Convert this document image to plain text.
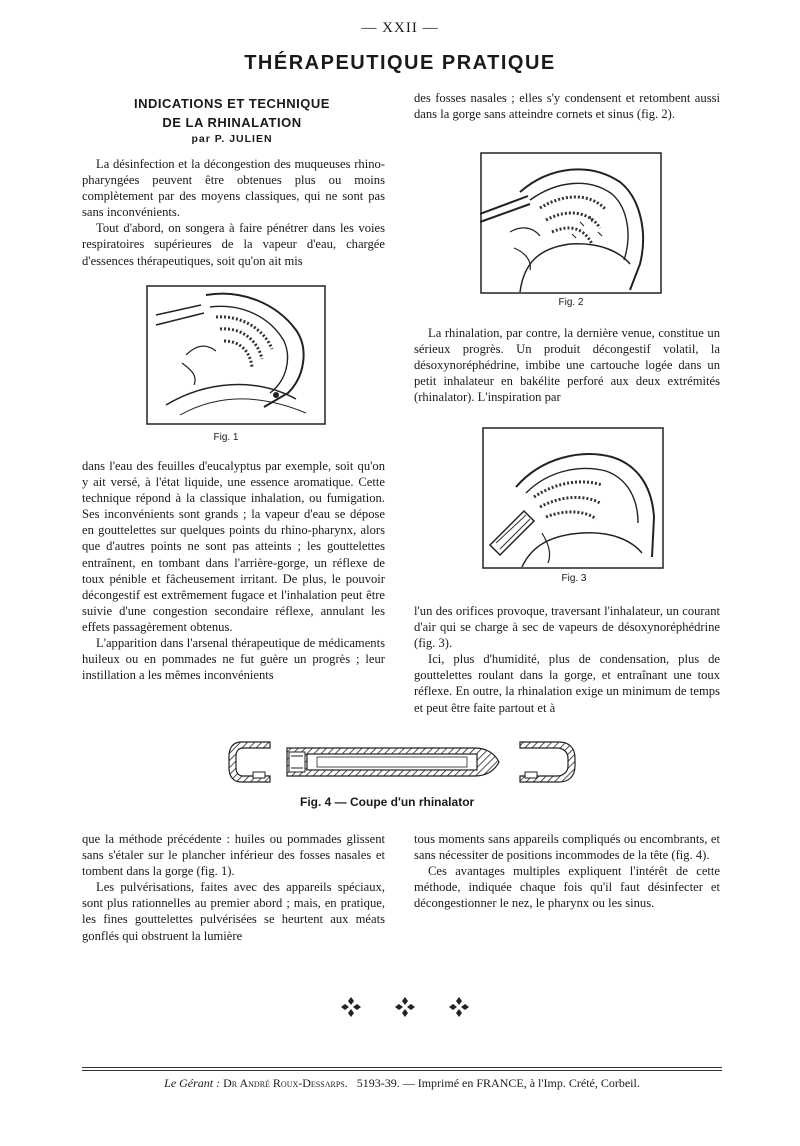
— XXII —
THÉRAPEUTIQUE PRATIQUE
INDICATIONS ET TECHNIQUE
DE LA RHINALATION
par P. JULIEN

La désinfection et la décongestion des muqueuses rhino-pharyngées peuvent être obtenues plus ou moins complètement par des moyens classiques, qui ne sont pas sans inconvénients.

Tout d'abord, on songera à faire pénétrer dans les voies respiratoires supérieures de la vapeur d'eau, chargée d'essences thérapeutiques, soit qu'on ait mis

Fig. 1

dans l'eau des feuilles d'eucalyptus par exemple, soit qu'on y ait versé, à l'état liquide, une essence aromatique. Cette technique répond à la classique inhalation, ou fumigation. Ses inconvénients sont grands ; la vapeur d'eau se dépose en gouttelettes sur quelques points du rhino-pharynx, alors que d'autres points ne sont pas atteints ; les gouttelettes entraînent, en tombant dans l'arrière-gorge, un réflexe de toux pénible et fâcheusement irritant. De plus, le pouvoir décongestif est extrêmement fugace et l'inhalation peut être suivie d'une congestion secondaire réflexe, annulant les effets passagèrement obtenus.

L'apparition dans l'arsenal thérapeutique de médicaments huileux ou en pommades ne fut guère un progrès ; leur instillation a les mêmes inconvénients

des fosses nasales ; elles s'y condensent et retombent aussi dans la gorge sans atteindre cornets et sinus (fig. 2).

Fig. 2

La rhinalation, par contre, la dernière venue, constitue un sérieux progrès. Un produit décongestif volatil, la désoxynoréphédrine, imbibe une cartouche logée dans un petit inhalateur en bakélite perforé aux deux extrémités (rhinalator). L'inspiration par

Fig. 3

l'un des orifices provoque, traversant l'inhalateur, un courant d'air qui se charge à sec de vapeurs de désoxynoréphédrine (fig. 3).

Ici, plus d'humidité, plus de condensation, plus de gouttelettes roulant dans la gorge, et entraînant une toux réflexe. En outre, la rhinalation exige un minimum de temps et peut être faite partout et à

Fig. 4 — Coupe d'un rhinalator

que la méthode précédente : huiles ou pommades glissent sans s'étaler sur le plancher inférieur des fosses nasales et tombent dans la gorge (fig. 1).

Les pulvérisations, faites avec des appareils spéciaux, sont plus rationnelles au premier abord ; mais, en pratique, les fines gouttelettes pulvérisées se heurtent aux méats gonflés qui obstruent la lumière

tous moments sans appareils compliqués ou encombrants, et sans nécessiter de positions incommodes de la tête (fig. 4).

Ces avantages multiples expliquent l'intérêt de cette méthode, indiquée chaque fois qu'il faut désinfecter et décongestionner le nez, le pharynx ou les sinus.

Le Gérant : Dr André Roux-Dessarps. 5193-39. — Imprimé en FRANCE, à l'Imp. Crété, Corbeil.
